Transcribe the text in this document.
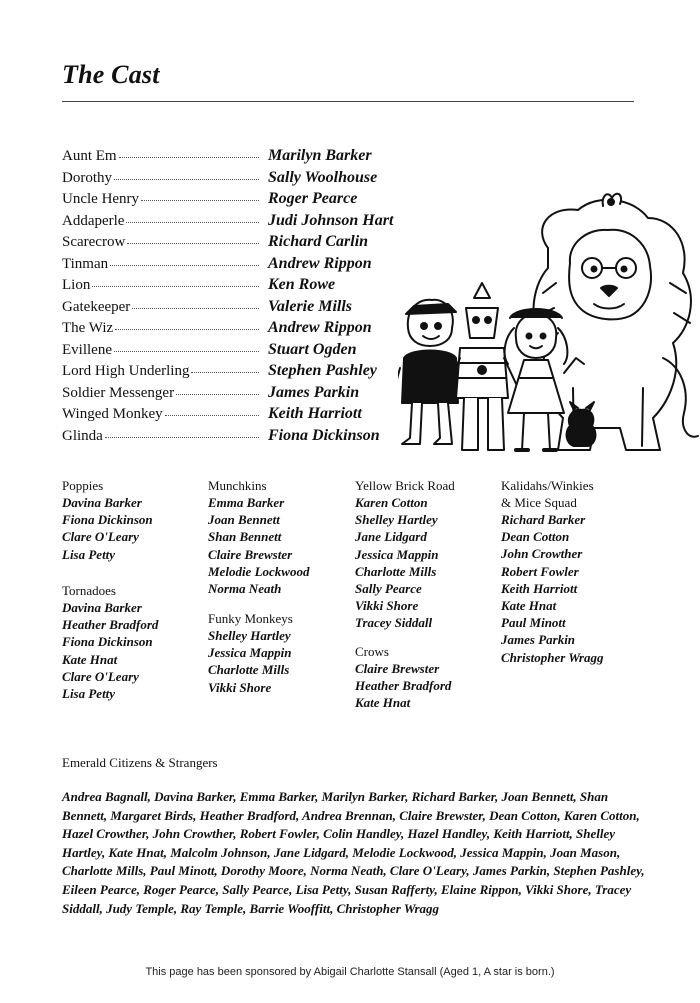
The Cast
Aunt Em	Marilyn Barker
Dorothy	Sally Woolhouse
Uncle Henry	Roger Pearce
Addaperle	Judi Johnson Hart
Scarecrow	Richard Carlin
Tinman	Andrew Rippon
Lion	Ken Rowe
Gatekeeper	Valerie Mills
The Wiz	Andrew Rippon
Evillene	Stuart Ogden
Lord High Underling	Stephen Pashley
Soldier Messenger	James Parkin
Winged Monkey	Keith Harriott
Glinda	Fiona Dickinson
Poppies
Davina Barker
Fiona Dickinson
Clare O'Leary
Lisa Petty
Tornadoes
Davina Barker
Heather Bradford
Fiona Dickinson
Kate Hnat
Clare O'Leary
Lisa Petty
Munchkins
Emma Barker
Joan Bennett
Shan Bennett
Claire Brewster
Melodie Lockwood
Norma Neath
Funky Monkeys
Shelley Hartley
Jessica Mappin
Charlotte Mills
Vikki Shore
Yellow Brick Road
Karen Cotton
Shelley Hartley
Jane Lidgard
Jessica Mappin
Charlotte Mills
Sally Pearce
Vikki Shore
Tracey Siddall
Crows
Claire Brewster
Heather Bradford
Kate Hnat
Kalidahs/Winkies
& Mice Squad
Richard Barker
Dean Cotton
John Crowther
Robert Fowler
Keith Harriott
Kate Hnat
Paul Minott
James Parkin
Christopher Wragg
Emerald Citizens & Strangers

Andrea Bagnall, Davina Barker, Emma Barker, Marilyn Barker, Richard Barker, Joan Bennett, Shan Bennett, Margaret Birds, Heather Bradford, Andrea Brennan, Claire Brewster, Dean Cotton, Karen Cotton, Hazel Crowther, John Crowther, Robert Fowler, Colin Handley, Hazel Handley, Keith Harriott, Shelley Hartley, Kate Hnat, Malcolm Johnson, Jane Lidgard, Melodie Lockwood, Jessica Mappin, Joan Mason, Charlotte Mills, Paul Minott, Dorothy Moore, Norma Neath, Clare O'Leary, James Parkin, Stephen Pashley, Eileen Pearce, Roger Pearce, Sally Pearce, Lisa Petty, Susan Rafferty, Elaine Rippon, Vikki Shore, Tracey Siddall, Judy Temple, Ray Temple, Barrie Wooffitt, Christopher Wragg

This page has been sponsored by Abigail Charlotte Stansall (Aged 1, A star is born.)
